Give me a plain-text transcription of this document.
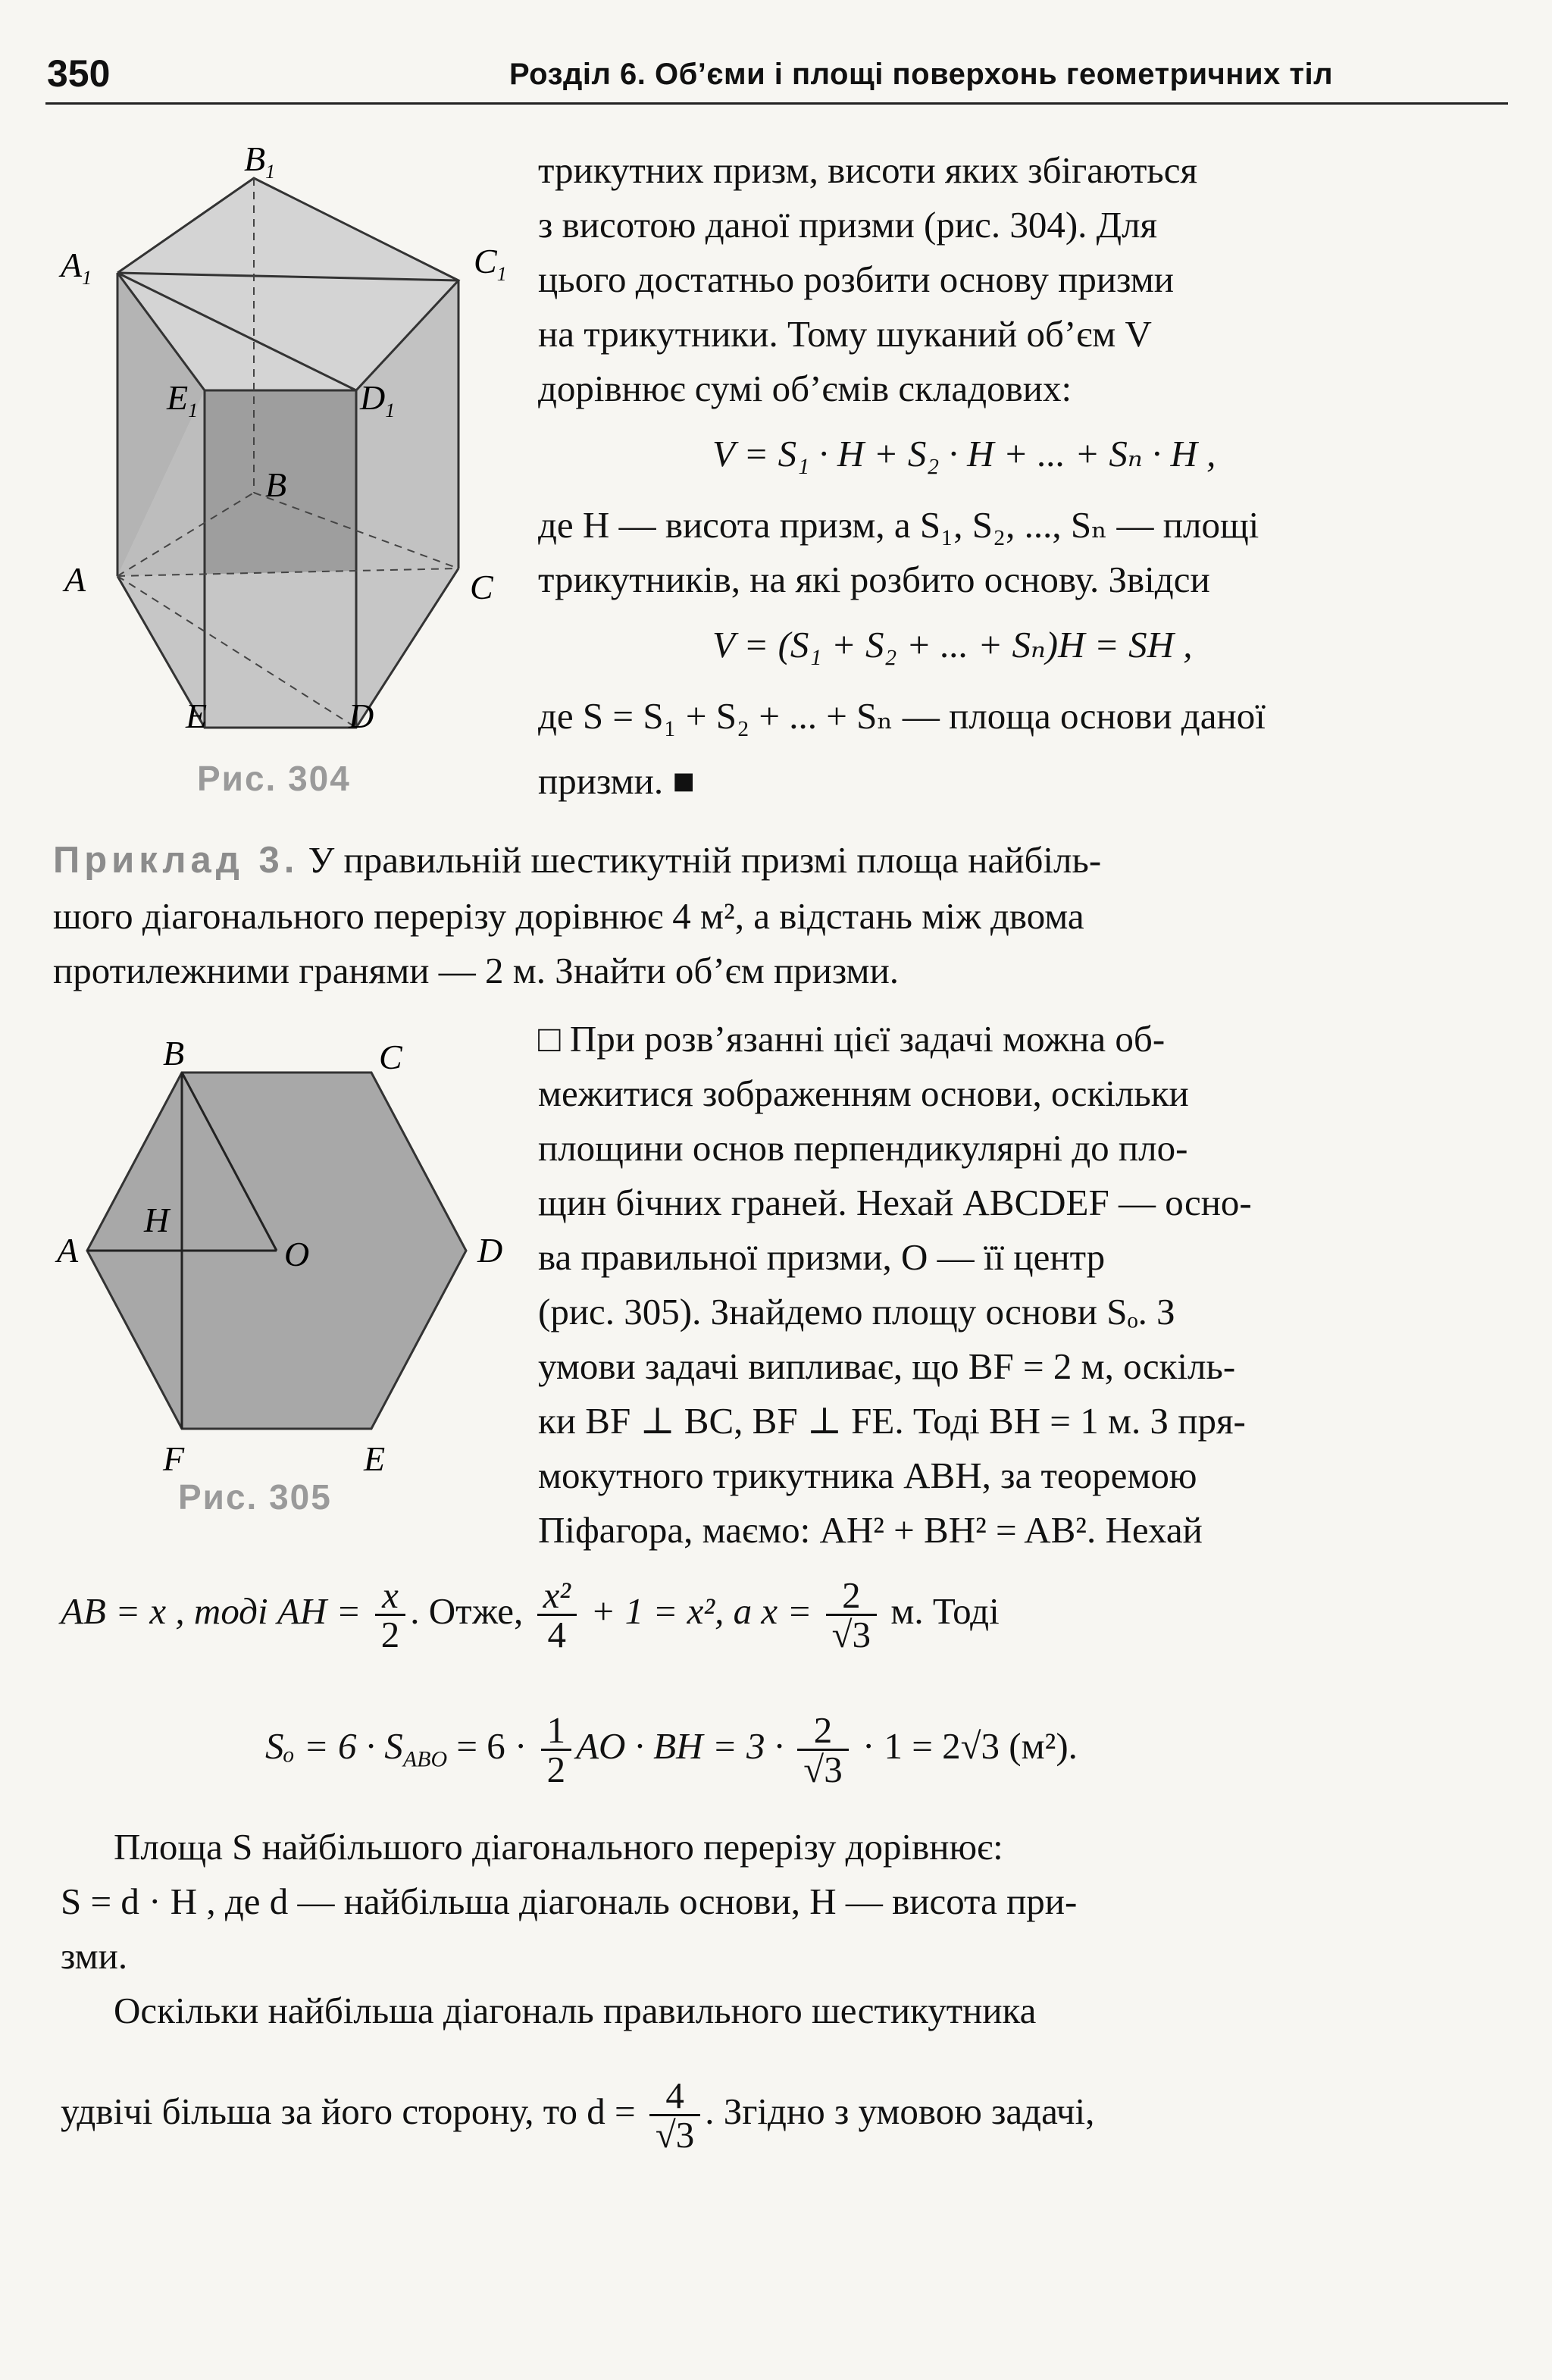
350	Розділ 6. Об’єми і площі поверхонь геометричних тіл
$B_1$
$A_1$	$C_1$
$E_1$	$D_1$
B
A	C
E	D
Рис. 304
трикутних призм, висоти яких збігаються
з висотою даної призми (рис. 304). Для
цього достатньо розбити основу призми
на трикутники. Тому шуканий об’єм V
дорівнює сумі об’ємів складових:
V = S₁ · H + S₂ · H + ... + Sₙ · H ,
де H — висота призм, а S₁, S₂, ..., Sₙ — площі
трикутників, на які розбито основу. Звідси
V = (S₁ + S₂ + ... + Sₙ)H = SH ,
де S = S₁ + S₂ + ... + Sₙ — площа основи даної
призми. ■
Приклад 3. У правильній шестикутній призмі площа найбіль-
шого діагонального перерізу дорівнює 4 м², а відстань між двома
протилежними гранями — 2 м. Знайти об’єм призми.
B	C
A
H
O	D
F	E
Рис. 305
□ При розв’язанні цієї задачі можна об-
межитися зображенням основи, оскільки
площини основ перпендикулярні до пло-
щин бічних граней. Нехай ABCDEF — осно-
ва правильної призми, O — її центр
(рис. 305). Знайдемо площу основи Sₒ. З
умови задачі випливає, що BF = 2 м, оскіль-
ки BF ⊥ BC, BF ⊥ FE. Тоді BH = 1 м. З пря-
мокутного трикутника ABH, за теоремою
Піфагора, маємо: AH² + BH² = AB². Нехай
AB = x , тоді AH = $\frac{x}{2}$ . Отже, $\frac{\text{x²}}{4} + 1 = x^2$, а $x = \frac{2}{√3} м$. Тоді
$S_o = 6 \cdot S_{ABO} = 6 \cdot \frac{1}{2}$ AO · BH = $3 \cdot \frac{2}{√3} \cdot 1 = 2√3$ (м²).
Площа S найбільшого діагонального перерізу дорівнює:
S = d · H , де d — найбільша діагональ основи, H — висота при-
зми.
Оскільки найбільша діагональ правильного шестикутника
удвічі більша за його сторону, то $d = \frac{4}{√3}$ . Згідно з умовою задачі,
